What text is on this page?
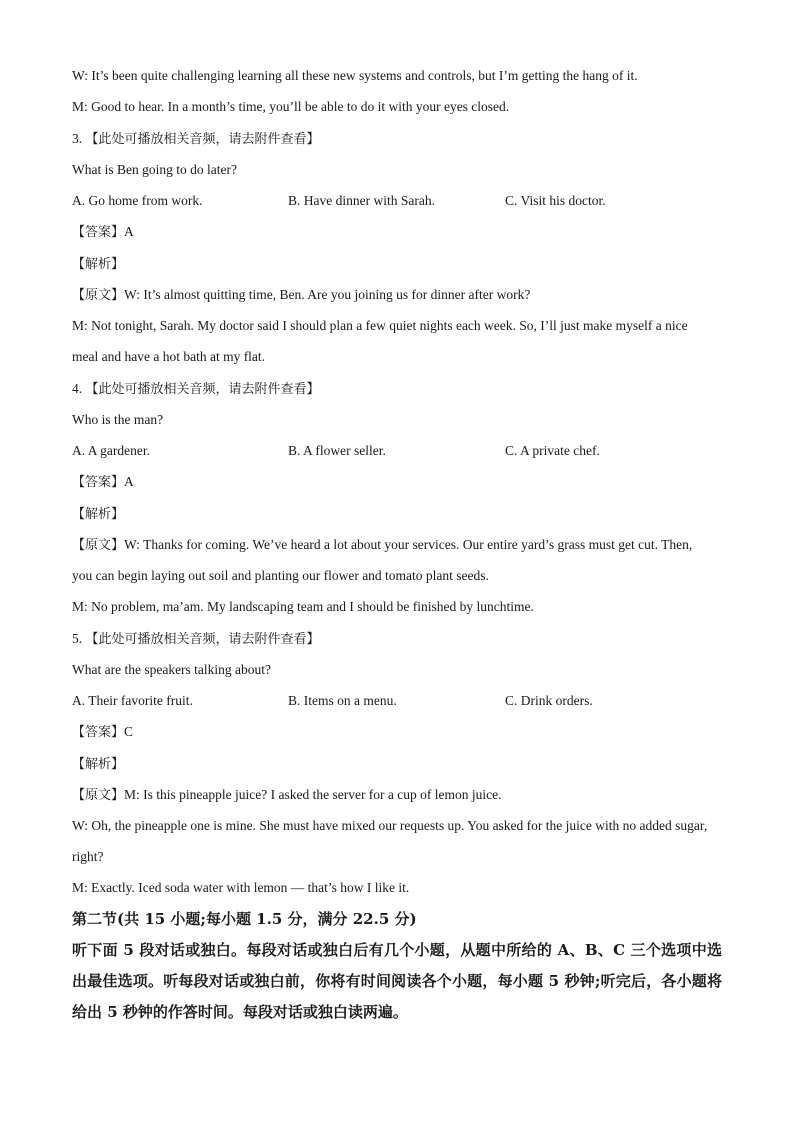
W: It’s been quite challenging learning all these new systems and controls, but I’m getting the hang of it.
M: Good to hear. In a month’s time, you’ll be able to do it with your eyes closed.
3. 【此处可播放相关音频，请去附件查看】
What is Ben going to do later?
A. Go home from work.	B. Have dinner with Sarah.	C. Visit his doctor.
【答案】A
【解析】
【原文】W: It’s almost quitting time, Ben. Are you joining us for dinner after work?
M: Not tonight, Sarah. My doctor said I should plan a few quiet nights each week. So, I’ll just make myself a nice
meal and have a hot bath at my flat.
4. 【此处可播放相关音频，请去附件查看】
Who is the man?
A. A gardener.	B. A flower seller.	C. A private chef.
【答案】A
【解析】
【原文】W: Thanks for coming. We’ve heard a lot about your services. Our entire yard’s grass must get cut. Then,
you can begin laying out soil and planting our flower and tomato plant seeds.
M: No problem, ma’am. My landscaping team and I should be finished by lunchtime.
5. 【此处可播放相关音频，请去附件查看】
What are the speakers talking about?
A. Their favorite fruit.	B. Items on a menu.	C. Drink orders.
【答案】C
【解析】
【原文】M: Is this pineapple juice? I asked the server for a cup of lemon juice.
W: Oh, the pineapple one is mine. She must have mixed our requests up. You asked for the juice with no added sugar,
right?
M: Exactly. Iced soda water with lemon — that’s how I like it.
第二节(共 15 小题;每小题 1.5 分，满分 22.5 分)
听下面 5 段对话或独白。每段对话或独白后有几个小题，从题中所给的 A、B、C 三个选项中选出最佳选项。听每段对话或独白前，你将有时间阅读各个小题，每小题 5 秒钟;听完后，各小题将给出 5 秒钟的作答时间。每段对话或独白读两遍。
